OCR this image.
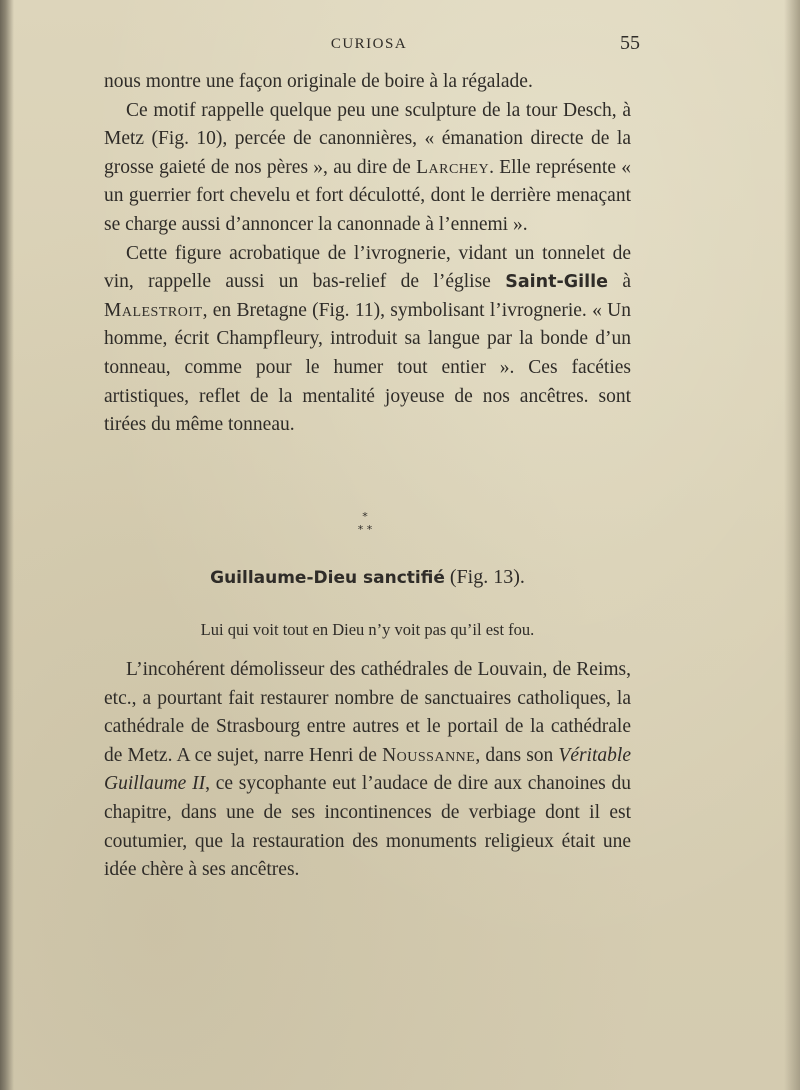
CURIOSA	55

nous montre une façon originale de boire à la régalade.

Ce motif rappelle quelque peu une sculpture de la tour Desch, à Metz (Fig. 10), percée de canonnières, « émanation directe de la grosse gaieté de nos pères », au dire de Larchey. Elle représente « un guerrier fort chevelu et fort déculotté, dont le derrière menaçant se charge aussi d’annoncer la canonnade à l’ennemi ».

Cette figure acrobatique de l’ivrognerie, vidant un tonnelet de vin, rappelle aussi un bas-relief de l’église Saint-Gille à Malestroit, en Bretagne (Fig. 11), symbolisant l’ivrognerie. « Un homme, écrit Champfleury, introduit sa langue par la bonde d’un tonneau, comme pour le humer tout entier ». Ces facéties artistiques, reflet de la mentalité joyeuse de nos ancêtres. sont tirées du même tonneau.

*
* *
Guillaume-Dieu sanctifié (Fig. 13).
Lui qui voit tout en Dieu n’y voit pas qu’il est fou.

L’incohérent démolisseur des cathédrales de Louvain, de Reims, etc., a pourtant fait restaurer nombre de sanctuaires catholiques, la cathédrale de Strasbourg entre autres et le portail de la cathédrale de Metz. A ce sujet, narre Henri de Noussanne, dans son Véritable Guillaume II, ce sycophante eut l’audace de dire aux chanoines du chapitre, dans une de ses incontinences de verbiage dont il est coutumier, que la restauration des monuments religieux était une idée chère à ses ancêtres.
